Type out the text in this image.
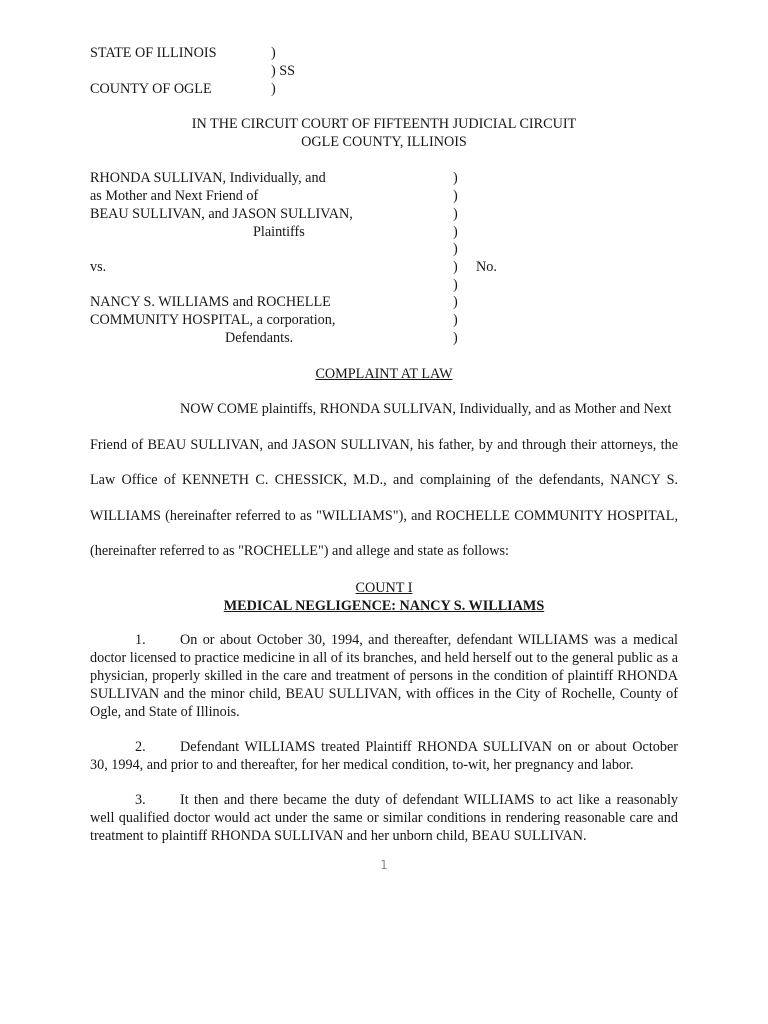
STATE OF ILLINOIS	)
) SS
COUNTY OF OGLE	)
IN THE CIRCUIT COURT OF FIFTEENTH JUDICIAL CIRCUIT
OGLE COUNTY, ILLINOIS
RHONDA SULLIVAN, Individually, and
as Mother and Next Friend of
BEAU SULLIVAN, and JASON SULLIVAN,
Plaintiffs
vs.
NANCY S. WILLIAMS and ROCHELLE
COMMUNITY HOSPITAL, a corporation,
Defendants.
)
)
)
)
)
)
)
)
)
)
No.
COMPLAINT AT LAW
NOW COME plaintiffs, RHONDA SULLIVAN, Individually, and as Mother and Next
Friend of BEAU SULLIVAN, and JASON SULLIVAN, his father, by and through their attorneys, the Law Office of KENNETH C. CHESSICK, M.D., and complaining of the defendants, NANCY S. WILLIAMS (hereinafter referred to as "WILLIAMS"), and ROCHELLE COMMUNITY HOSPITAL, (hereinafter referred to as "ROCHELLE") and allege and state as follows:
COUNT I
MEDICAL NEGLIGENCE: NANCY S. WILLIAMS
1. On or about October 30, 1994, and thereafter, defendant WILLIAMS was a medical doctor licensed to practice medicine in all of its branches, and held herself out to the general public as a physician, properly skilled in the care and treatment of persons in the condition of plaintiff RHONDA SULLIVAN and the minor child, BEAU SULLIVAN, with offices in the City of Rochelle, County of Ogle, and State of Illinois.
2. Defendant WILLIAMS treated Plaintiff RHONDA SULLIVAN on or about October 30, 1994, and prior to and thereafter, for her medical condition, to-wit, her pregnancy and labor.
3. It then and there became the duty of defendant WILLIAMS to act like a reasonably well qualified doctor would act under the same or similar conditions in rendering reasonable care and treatment to plaintiff RHONDA SULLIVAN and her unborn child, BEAU SULLIVAN.
1
